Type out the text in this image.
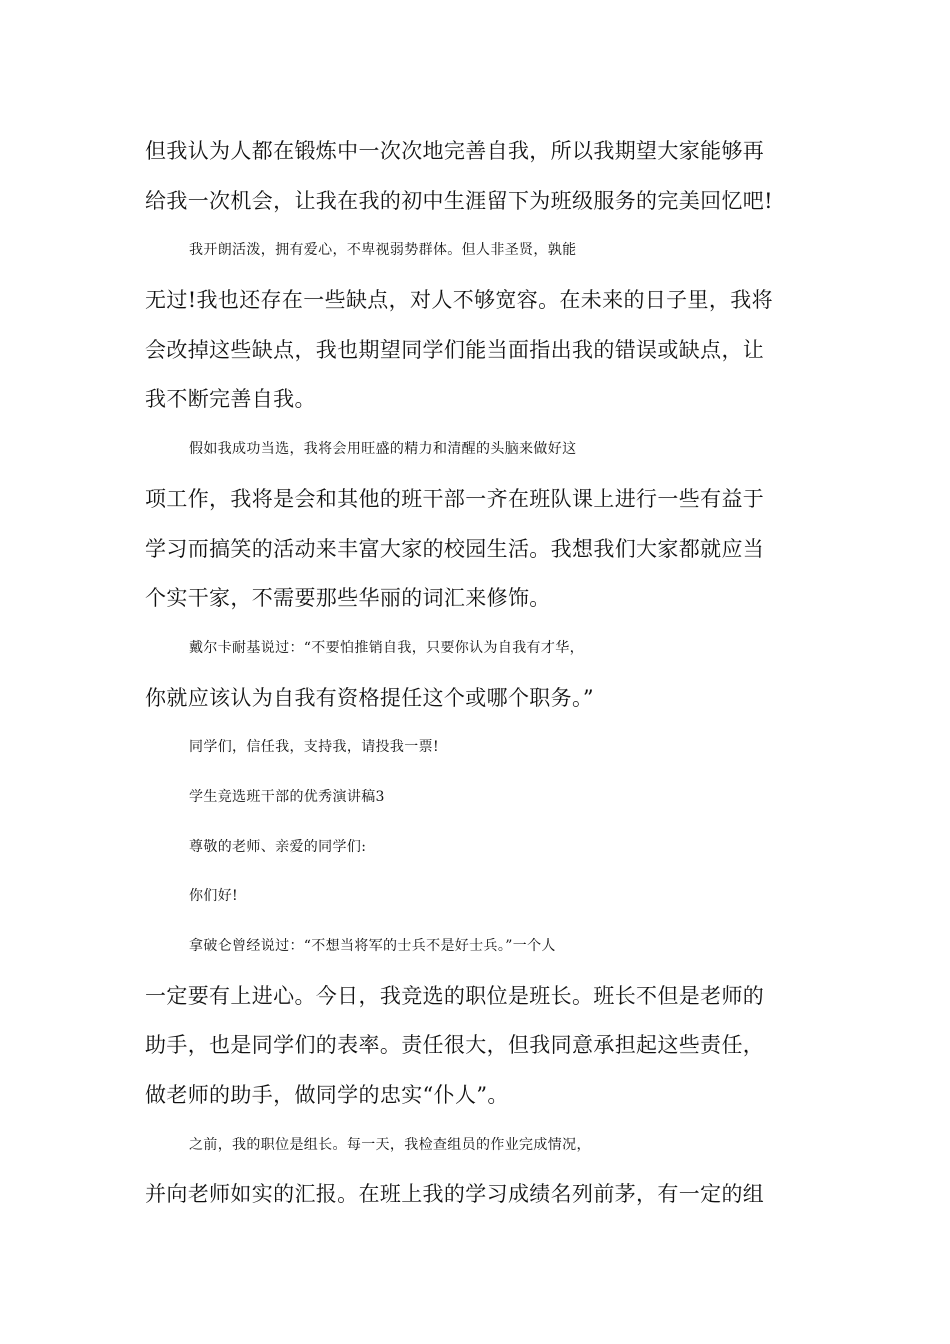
但我认为人都在锻炼中一次次地完善自我，所以我期望大家能够再
给我一次机会，让我在我的初中生涯留下为班级服务的完美回忆吧!
我开朗活泼，拥有爱心，不卑视弱势群体。但人非圣贤，孰能
无过!我也还存在一些缺点，对人不够宽容。在未来的日子里，我将
会改掉这些缺点，我也期望同学们能当面指出我的错误或缺点，让
我不断完善自我。
假如我成功当选，我将会用旺盛的精力和清醒的头脑来做好这
项工作，我将是会和其他的班干部一齐在班队课上进行一些有益于
学习而搞笑的活动来丰富大家的校园生活。我想我们大家都就应当
个实干家，不需要那些华丽的词汇来修饰。
戴尔卡耐基说过：“不要怕推销自我，只要你认为自我有才华，
你就应该认为自我有资格提任这个或哪个职务。”
同学们，信任我，支持我，请投我一票!
学生竞选班干部的优秀演讲稿3
尊敬的老师、亲爱的同学们:
你们好!
拿破仑曾经说过：“不想当将军的士兵不是好士兵。”一个人
一定要有上进心。今日，我竞选的职位是班长。班长不但是老师的
助手，也是同学们的表率。责任很大，但我同意承担起这些责任，
做老师的助手，做同学的忠实“仆人”。
之前，我的职位是组长。每一天，我检查组员的作业完成情况，
并向老师如实的汇报。在班上我的学习成绩名列前茅，有一定的组
